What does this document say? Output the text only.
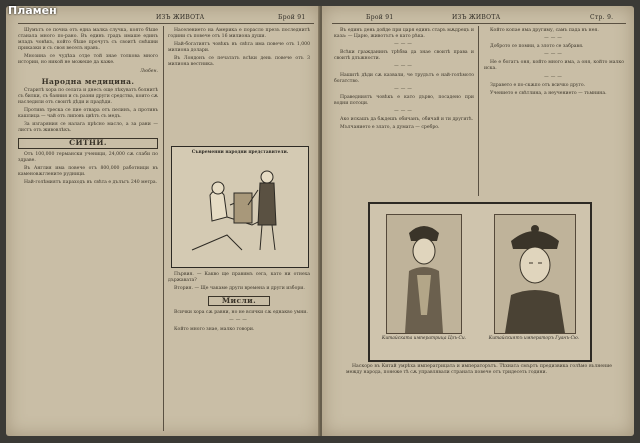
ИЗЪ ЖИВОТА	Брой 91

Шумътъ се почна отъ една малка случка, която бѣше станала много по-рано. Въ единъ градъ имаше единъ младъ човѣкъ, който бѣше прочутъ съ своитѣ смѣшни приказки и съ своя веселъ нравъ.

Мнозина се чудѣха отде той знае толкова много истории, но никой не можеше да каже.

Любен.
Народна медицина.

Старитѣ хора по селата и днесъ още лѣкуватъ болнитѣ съ билки, съ баяния и съ разни други средства, които сѫ наследили отъ своитѣ дѣди и прадѣди.

Противъ треска се пие отвара отъ пелинъ, а противъ кашлица — чай отъ липовъ цвѣтъ съ медъ.

За изгаряния се налага прѣсно масло, а за рани — листъ отъ живовлѣкъ.

СИТНИ.

Отъ 100,000 германски ученици, 24,000 сѫ слаби по здраве.

Въ Англия има повече отъ 800,000 работници въ каменовѫглените рудници.

Най-голѣмиятъ параходъ въ свѣта е дълъгъ 240 метра.

Населението на Америка е порасло презъ последнитѣ години съ повече отъ 16 милиона души.

Най-богатиятъ човѣкъ въ свѣта има повече отъ 1,000 милиона долари.

Въ Лондонъ се печататъ всѣки день повече отъ 3 милиона вестника.

Съвременни народни представители.

Първия. — Какво ще правимъ сега, като ни отнеха държавата?

Втория. — Ще чакаме други времена и други избори.

Мисли.

Всички хора сѫ равни, но не всички сѫ еднакво умни.

———

Който много знае, малко говори.

Брой 91	ИЗЪ ЖИВОТА	Стр. 9.

Въ единъ день дойде при царя единъ старъ мѫдрецъ и каза: — Царю, животътъ е като рѣка.

———

Всѣки гражданинъ трѣбва да знае своитѣ права и своитѣ длъжности.

———

Нашитѣ дѣди сѫ казвали, че трудътъ е най-голѣмото богатство.

———

Праведниятъ човѣкъ е като дърво, посадено при водни потоци.

———

Ако искашъ да бѫдешъ обичанъ, обичай и ти другитѣ.

Мълчанието е злато, а думата — сребро.

Който копае яма другиму, самъ пада въ нея.

———

Доброто се помни, а злото се забравя.

———

Не е богатъ оня, който много има, а оня, който малко иска.

———

Здравето е по-скѫпо отъ всичко друго.

Учението е свѣтлина, а неучението — тъмнина.

Китайската императрица Цзъ-Си.	Китайскиятъ императоръ Гуанъ-Сю.

Наскоро въ Китай умрѣха императрицата и императорътъ. Тѣхната смъртъ предизвика голѣмо вълнение между народа, понеже тѣ сѫ управлявали страната повече отъ тридесеть години.

Пламен
